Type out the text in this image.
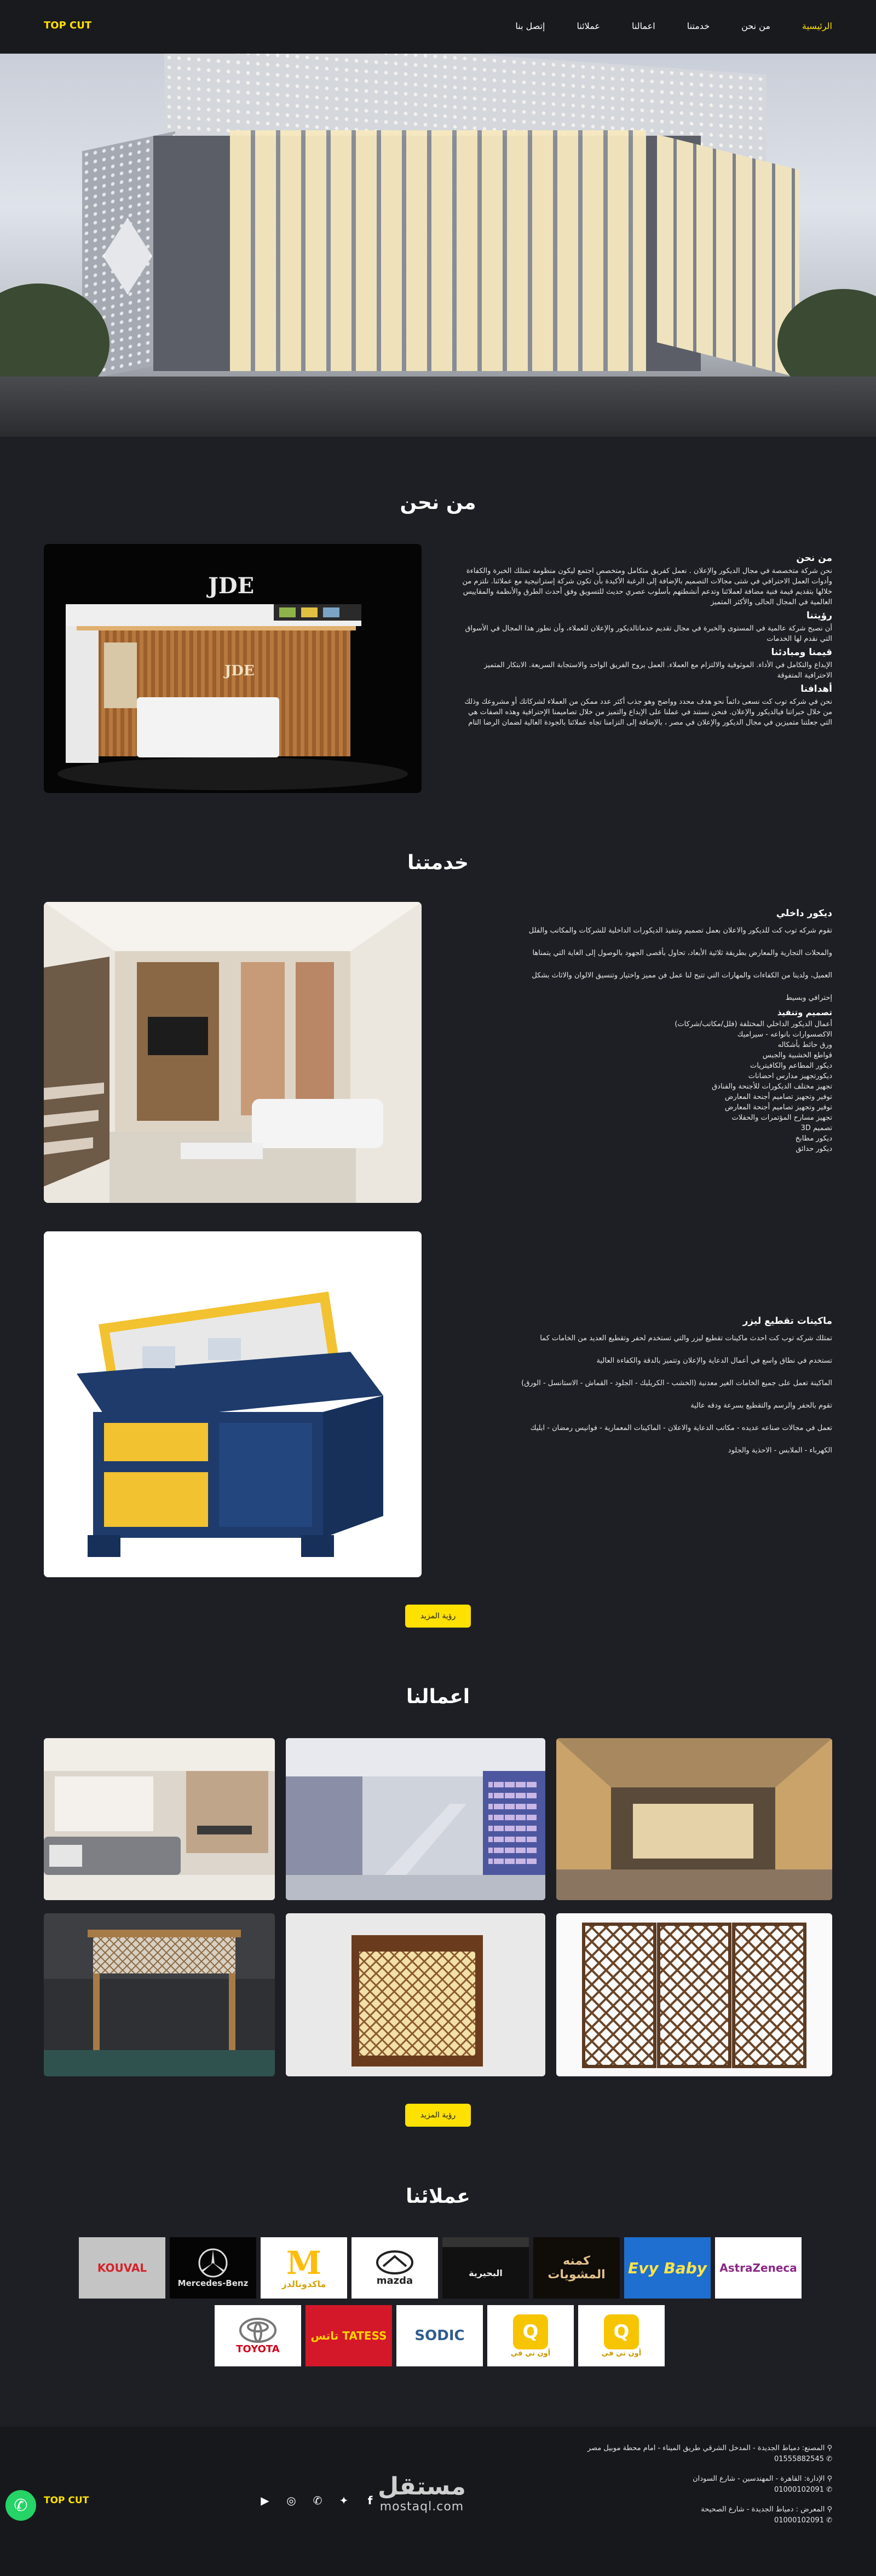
TOP CUT	الرئيسية
من نحن
خدمتنا
اعمالنا
عملائنا
إتصل بنا
من نحن
JDE
JDE
من نحن

نحن شركة متخصصة في مجال الديكور والإعلان . نعمل كفريق متكامل ومتخصص اجتمع ليكون منظومة تمتلك الخبرة والكفاءة وأدوات العمل الاحترافي في شتى مجالات التصميم بالإضافة إلى الرغبة الأكيدة بأن تكون شركة إستراتيجية مع عملائنا. نلتزم من خلالها بتقديم قيمة فنية مضافة لعملائنا وتدعم أنشطتهم بأسلوب عصري حديث للتسويق وفق أحدث الطرق والأنظمة والمقاييس العالمية في المجال الحالى والأكثر المتميز

رؤيتنا

أن نصبح شركة عالمية في المستوى والخبرة في مجال تقديم خدماتالديكور والإعلان للعملاء، وأن نطور هذا المجال في الأسواق التي نقدم لها الخدمات

قيمنا ومبادئنا

الإبداع والتكامل في الأداء. الموثوقية والالتزام مع العملاء. العمل بروح الفريق الواحد والاستجابة السريعة. الابتكار المتميز الاحترافية المتفوقة

أهدافنا

نحن في شركه توب كت نسعى دائماً نحو هدف محدد وواضح وهو جذب أكثر عدد ممكن من العملاء لشركاتك أو مشروعك وذلك من خلال خبراتنا فيالديكور والإعلان. فنحن نستند في عملنا على الإبداع والتميز من خلال تصاميمنا الإحترافية وهذه الصفات هي التي جعلتنا متميزين في مجال الديكور والإعلان في مصر ، بالإضافة إلى التزامنا تجاه عملائنا بالجودة العالية لضمان الرضا التام

خدمتنا
ديكور داخلي

تقوم شركه توب كت للديكور والاعلان بعمل تصميم وتنفيذ الديكورات الداخلية للشركات والمكاتب والفلل

والمحلات التجارية والمعارض بطريقة ثلاثية الأبعاد، تحاول بأقصى الجهود بالوصول إلى الغاية التي يتمناها

العميل، ولدينا من الكفاءات والمهارات التي تتيح لنا عمل فن مميز واختيار وتنسيق الالوان والاثاث بشكل

إحترافي وبسيط

تصميم وتنفيذ

أعمال الديكور الداخلي المختلفة (فلل/مكاتب/شركات)

الاكصسوارات بانواعه - سيراميك

ورق حائط بأشكاله

قواطع الخشبية والجبس

ديكور المطاعم والكافيتريات

ديكورتجهيز مدارس احضانات

تجهيز مختلف الديكورات للأجنحة والفنادق

توفير وتجهيز تصاميم أجنحة المعارض

توفير وتجهيز تصاميم أجنحة المعارض

تجهيز مسارح المؤتمرات والحفلات

تصميم 3D

ديكور مطابخ

ديكور حدائق

ماكينات تقطيع ليزر

تمتلك شركه توب كت احدث ماكينات تقطيع ليزر والتي تستخدم لحفر وتقطيع العديد من الخامات كما

تستخدم في نطاق واسع في أعمال الدعاية والإعلان وتتميز بالدقة والكفاءة العالية

الماكينة تعمل على جميع الخامات الغير معدنية (الخشب - الكريليك - الجلود - القماش - الاستانسل - الورق)

تقوم بالحفر والرسم والتقطيع بسرعة ودقه عالية

تعمل في مجالات صناعه عديده - مكاتب الدعاية والاعلان - الماكينات المعمارية - فوانيس رمضان - ابليك

الكهرباء - الملابس - الاحذية والجلود

رؤية المزيد
اعمالنا
رؤية المزيد
عملائنا
AstraZeneca
Evy Baby
كمنه المشويات
البحيرية
mazda
M
ماكدونالدز
Mercedes-Benz
KOUVAL
Q
أون تي في
Q
أون تي في
SODIC
تاتس TATESS
TOYOTA
TOP CUT	▶	◎	✆	✦	f مستقل
mostaql.com
⚲ المصنع: دمياط الجديدة - المدخل الشرقي طريق الميناء - امام محطة موبيل مصر
✆ 01555882545
⚲ الإدارة: القاهرة - المهندسين - شارع السودان
✆ 01000102091
⚲ المعرض : دمياط الجديدة - شارع الصحيحة
✆ 01000102091
✆
